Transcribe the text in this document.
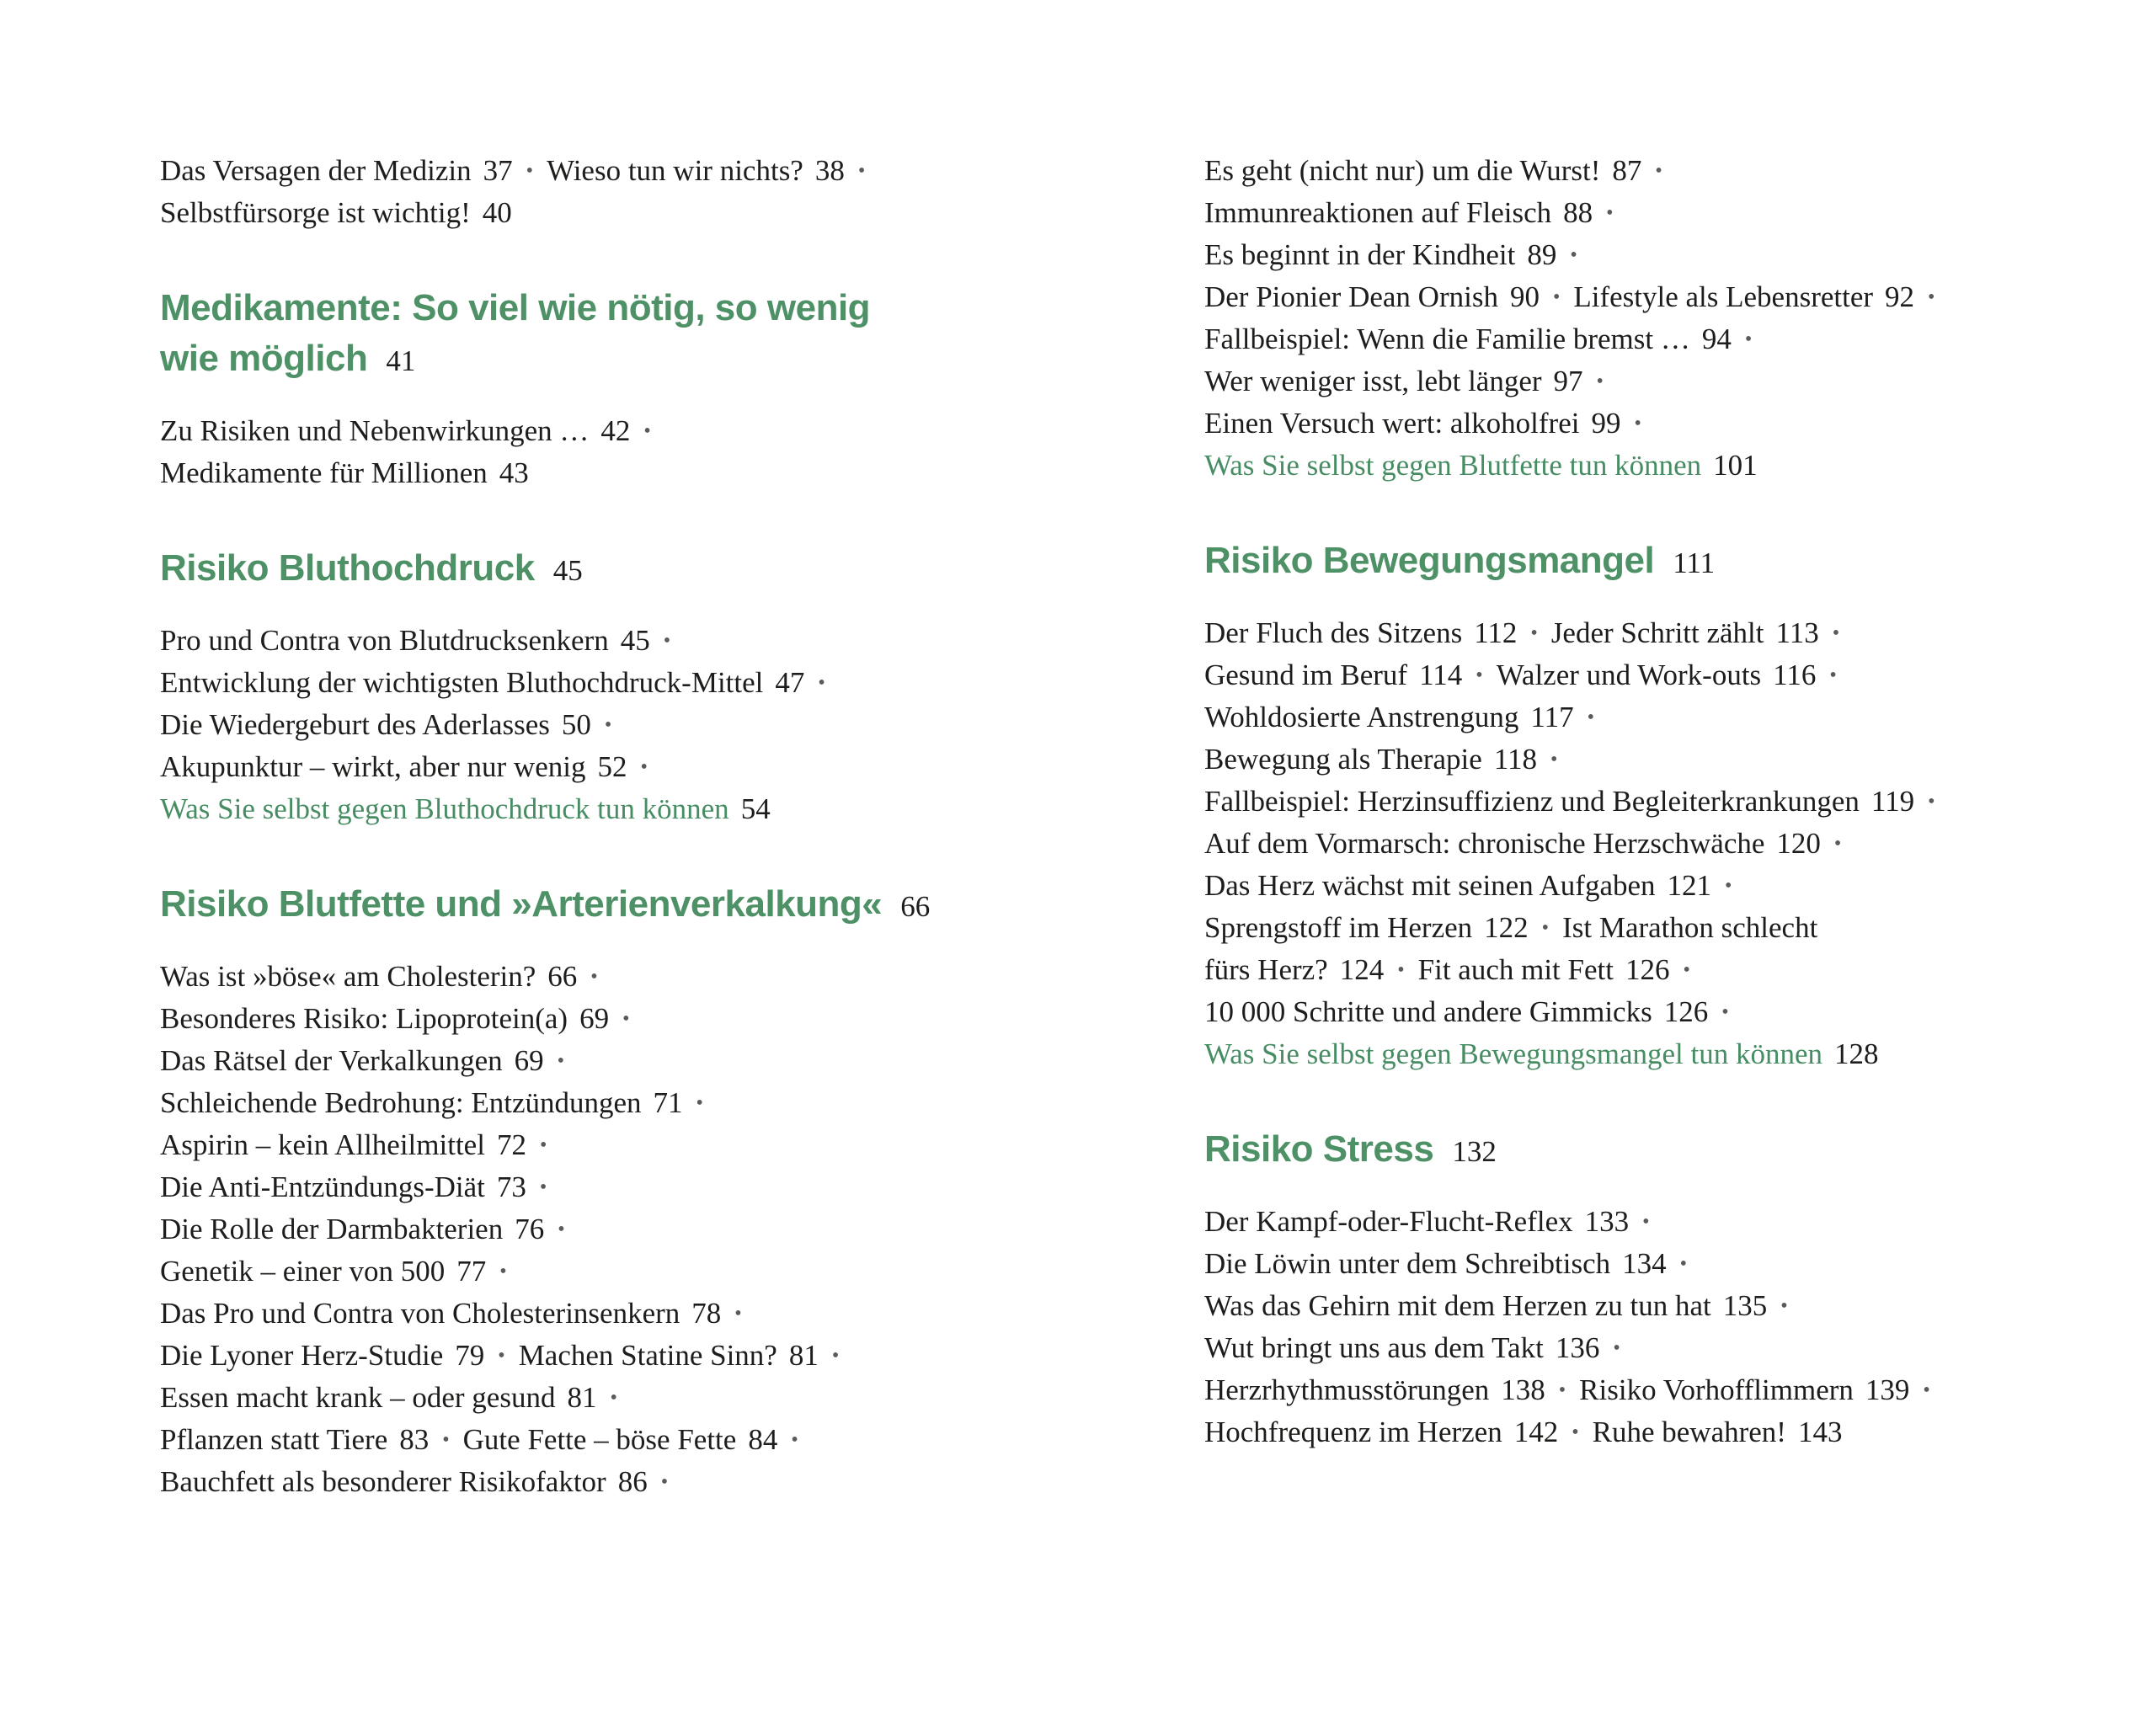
Das Versagen der Medizin 37 • Wieso tun wir nichts? 38 •
Selbstfürsorge ist wichtig! 40
Medikamente: So viel wie nötig, so wenig
wie möglich 41
Zu Risiken und Nebenwirkungen … 42 •
Medikamente für Millionen 43
Risiko Bluthochdruck 45
Pro und Contra von Blutdrucksenkern 45 •
Entwicklung der wichtigsten Bluthochdruck-Mittel 47 •
Die Wiedergeburt des Aderlasses 50 •
Akupunktur – wirkt, aber nur wenig 52 •
Was Sie selbst gegen Bluthochdruck tun können 54
Risiko Blutfette und »Arterienverkalkung« 66
Was ist »böse« am Cholesterin? 66 •
Besonderes Risiko: Lipoprotein(a) 69 •
Das Rätsel der Verkalkungen 69 •
Schleichende Bedrohung: Entzündungen 71 •
Aspirin – kein Allheilmittel 72 •
Die Anti-Entzündungs-Diät 73 •
Die Rolle der Darmbakterien 76 •
Genetik – einer von 500 77 •
Das Pro und Contra von Cholesterinsenkern 78 •
Die Lyoner Herz-Studie 79 • Machen Statine Sinn? 81 •
Essen macht krank – oder gesund 81 •
Pflanzen statt Tiere 83 • Gute Fette – böse Fette 84 •
Bauchfett als besonderer Risikofaktor 86 •
Es geht (nicht nur) um die Wurst! 87 •
Immunreaktionen auf Fleisch 88 •
Es beginnt in der Kindheit 89 •
Der Pionier Dean Ornish 90 • Lifestyle als Lebensretter 92 •
Fallbeispiel: Wenn die Familie bremst … 94 •
Wer weniger isst, lebt länger 97 •
Einen Versuch wert: alkoholfrei 99 •
Was Sie selbst gegen Blutfette tun können 101
Risiko Bewegungsmangel 111
Der Fluch des Sitzens 112 • Jeder Schritt zählt 113 •
Gesund im Beruf 114 • Walzer und Work-outs 116 •
Wohldosierte Anstrengung 117 •
Bewegung als Therapie 118 •
Fallbeispiel: Herzinsuffizienz und Begleiterkrankungen 119 •
Auf dem Vormarsch: chronische Herzschwäche 120 •
Das Herz wächst mit seinen Aufgaben 121 •
Sprengstoff im Herzen 122 • Ist Marathon schlecht
fürs Herz? 124 • Fit auch mit Fett 126 •
10 000 Schritte und andere Gimmicks 126 •
Was Sie selbst gegen Bewegungsmangel tun können 128
Risiko Stress 132
Der Kampf-oder-Flucht-Reflex 133 •
Die Löwin unter dem Schreibtisch 134 •
Was das Gehirn mit dem Herzen zu tun hat 135 •
Wut bringt uns aus dem Takt 136 •
Herzrhythmusstörungen 138 • Risiko Vorhofflimmern 139 •
Hochfrequenz im Herzen 142 • Ruhe bewahren! 143
